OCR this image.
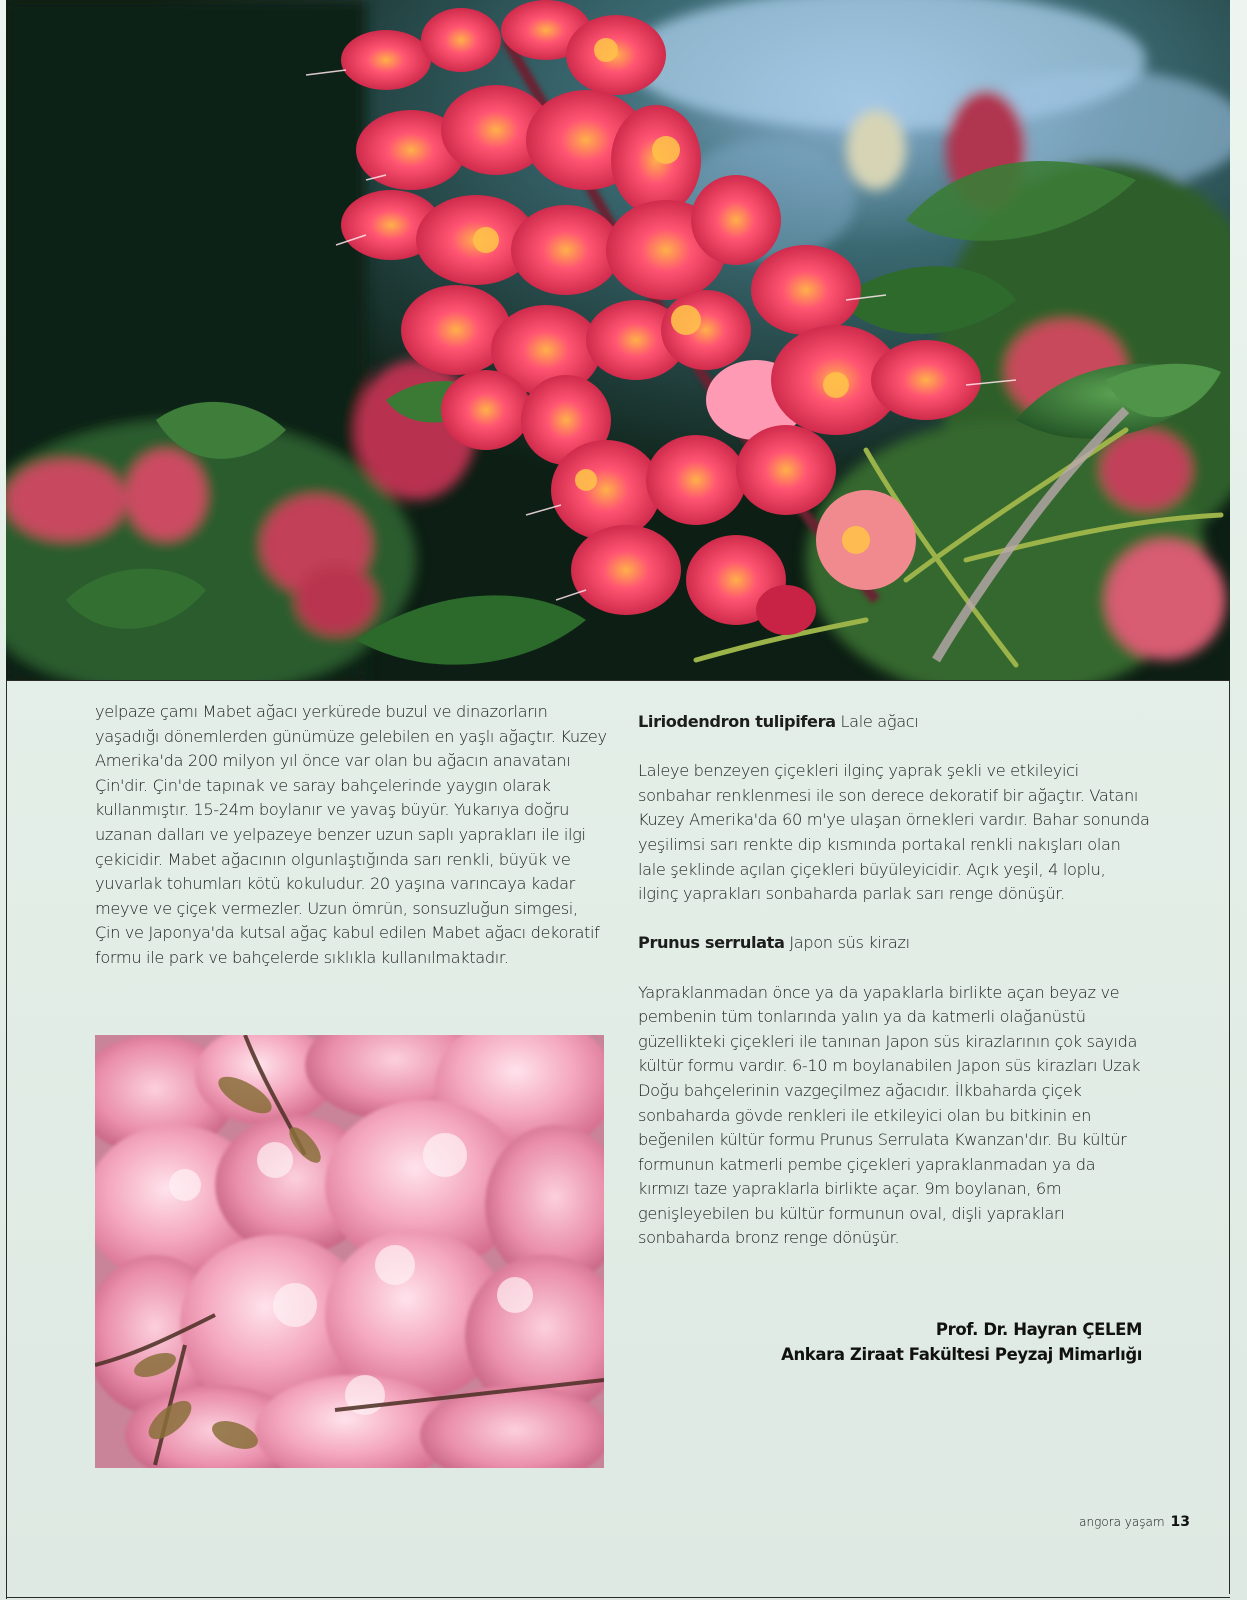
yelpaze çamı Mabet ağacı yerkürede buzul ve dinazorların yaşadığı dönemlerden günümüze gelebilen en yaşlı ağaçtır. Kuzey Amerika'da 200 milyon yıl önce var olan bu ağacın anavatanı Çin'dir. Çin'de tapınak ve saray bahçelerinde yaygın olarak kullanmıştır. 15-24m boylanır ve yavaş büyür. Yukarıya doğru uzanan dalları ve yelpazeye benzer uzun saplı yaprakları ile ilgi çekicidir. Mabet ağacının olgunlaştığında sarı renkli, büyük ve yuvarlak tohumları kötü kokuludur. 20 yaşına varıncaya kadar meyve ve çiçek vermezler. Uzun ömrün, sonsuzluğun simgesi, Çin ve Japonya'da kutsal ağaç kabul edilen Mabet ağacı dekoratif formu ile park ve bahçelerde sıklıkla kullanılmaktadır.

Liriodendron tulipifera Lale ağacı

Laleye benzeyen çiçekleri ilginç yaprak şekli ve etkileyici sonbahar renklenmesi ile son derece dekoratif bir ağaçtır. Vatanı Kuzey Amerika'da 60 m'ye ulaşan örnekleri vardır. Bahar sonunda yeşilimsi sarı renkte dip kısmında portakal renkli nakışları olan lale şeklinde açılan çiçekleri büyüleyicidir. Açık yeşil, 4 loplu, ilginç yaprakları sonbaharda parlak sarı renge dönüşür.

Prunus serrulata Japon süs kirazı

Yapraklanmadan önce ya da yapaklarla birlikte açan beyaz ve pembenin tüm tonlarında yalın ya da katmerli olağanüstü güzellikteki çiçekleri ile tanınan Japon süs kirazlarının çok sayıda kültür formu vardır. 6-10 m boylanabilen Japon süs kirazları Uzak Doğu bahçelerinin vazgeçilmez ağacıdır. İlkbaharda çiçek sonbaharda gövde renkleri ile etkileyici olan bu bitkinin en beğenilen kültür formu Prunus Serrulata Kwanzan'dır. Bu kültür formunun katmerli pembe çiçekleri yapraklanmadan ya da kırmızı taze yapraklarla birlikte açar. 9m boylanan, 6m genişleyebilen bu kültür formunun oval, dişli yaprakları sonbaharda bronz renge dönüşür.

Prof. Dr. Hayran ÇELEM
Ankara Ziraat Fakültesi Peyzaj Mimarlığı
angora yaşam 13
